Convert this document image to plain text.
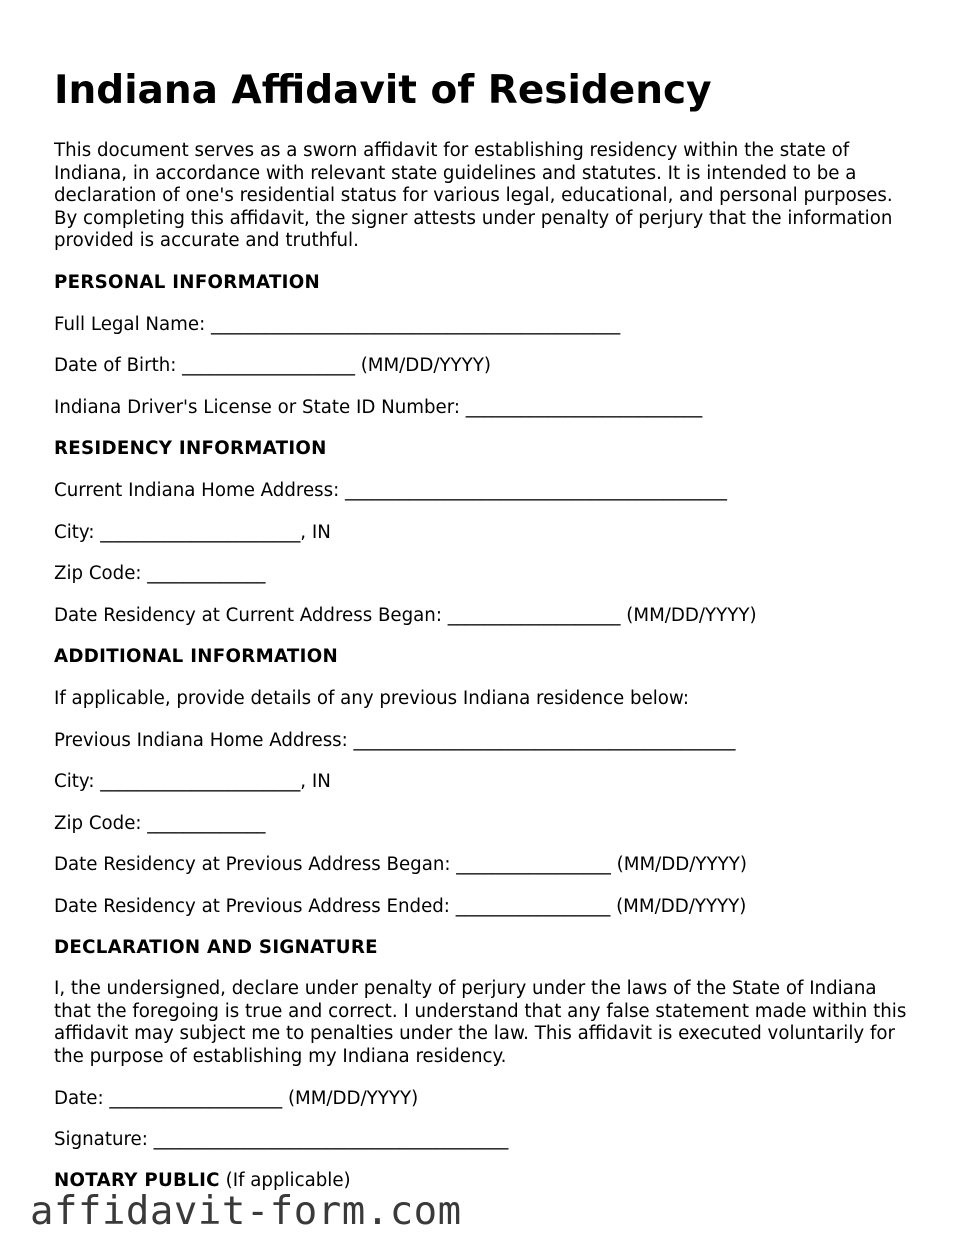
Indiana Affidavit of Residency

This document serves as a sworn affidavit for establishing residency within the state of Indiana, in accordance with relevant state guidelines and statutes. It is intended to be a declaration of one's residential status for various legal, educational, and personal purposes. By completing this affidavit, the signer attests under penalty of perjury that the information provided is accurate and truthful.

PERSONAL INFORMATION

Full Legal Name: _____________________________________________

Date of Birth: ___________________ (MM/DD/YYYY)

Indiana Driver's License or State ID Number: __________________________

RESIDENCY INFORMATION

Current Indiana Home Address: __________________________________________

City: ______________________, IN

Zip Code: _____________

Date Residency at Current Address Began: ___________________ (MM/DD/YYYY)

ADDITIONAL INFORMATION

If applicable, provide details of any previous Indiana residence below:

Previous Indiana Home Address: __________________________________________

City: ______________________, IN

Zip Code: _____________

Date Residency at Previous Address Began: _________________ (MM/DD/YYYY)

Date Residency at Previous Address Ended: _________________ (MM/DD/YYYY)

DECLARATION AND SIGNATURE

I, the undersigned, declare under penalty of perjury under the laws of the State of Indiana that the foregoing is true and correct. I understand that any false statement made within this affidavit may subject me to penalties under the law. This affidavit is executed voluntarily for the purpose of establishing my Indiana residency.

Date: ___________________ (MM/DD/YYYY)

Signature: _______________________________________

NOTARY PUBLIC (If applicable)

affidavit-form.com
